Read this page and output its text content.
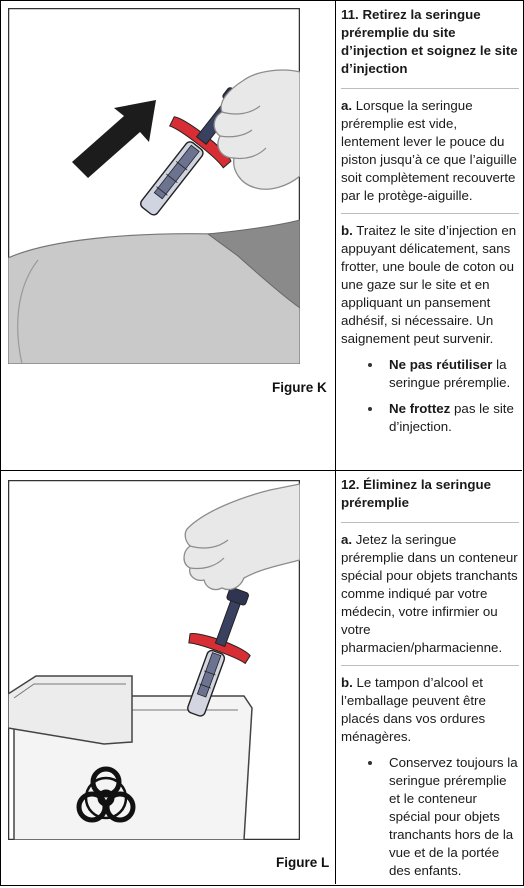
Figure K
11. Retirez la seringue préremplie du site d’injection et soignez le site d’injection
a. Lorsque la seringue préremplie est vide, lentement lever le pouce du piston jusqu’à ce que l’aiguille soit complètement recouverte par le protège-aiguille.
b. Traitez le site d’injection en appuyant délicatement, sans frotter, une boule de coton ou une gaze sur le site et en appliquant un pansement adhésif, si nécessaire. Un saignement peut survenir.
Ne pas réutiliser la seringue préremplie.
Ne frottez pas le site d’injection.
Figure L
12. Éliminez la seringue préremplie
a. Jetez la seringue préremplie dans un conteneur spécial pour objets tranchants comme indiqué par votre médecin, votre infirmier ou votre pharmacien/pharmacienne.
b. Le tampon d’alcool et l’emballage peuvent être placés dans vos ordures ménagères.
Conservez toujours la seringue préremplie et le conteneur spécial pour objets tranchants hors de la vue et de la portée des enfants.
